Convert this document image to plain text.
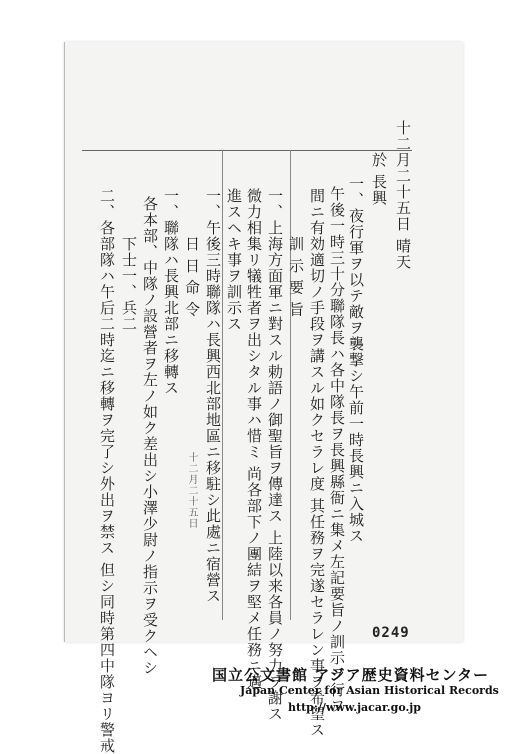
十二月二十五日 晴天
於 長興
一、夜行軍ヲ以テ敵ヲ襲撃シ午前一時長興ニ入城ス
午後一時三十分聯隊長ハ各中隊長ヲ長興縣衙ニ集メ左記要旨ノ訓示ヲ行フ
間ニ有効適切ノ手段ヲ講スル如クセラレ度 其任務ヲ完遂セラレン事ヲ希望ス
訓 示 要 旨
一、上海方面軍ニ對スル勅語ノ御聖旨ヲ傳達ス 上陸以来各員ノ努力ヲ謝ス
微力相集リ犠牲者ヲ出シタル事ハ惜ミ 尚各部下ノ團結ヲ堅メ任務ニ邁
進スヘキ事ヲ訓示ス
一、午後三時聯隊ハ長興西北部地區ニ移駐シ此處ニ宿營ス
日 日 命 令
十二月二十五日
一、聯隊ハ長興北部ニ移轉ス
各本部、中隊ノ設營者ヲ左ノ如ク差出シ小澤少尉ノ指示ヲ受クヘシ
下士一、兵二
二、各部隊ハ午后二時迄ニ移轉ヲ完了シ外出ヲ禁ス 但シ同時第四中隊ヨリ警戒	0249
国立公文書館 アジア歴史資料センター
Japan Center for Asian Historical Records
http://www.jacar.go.jp
